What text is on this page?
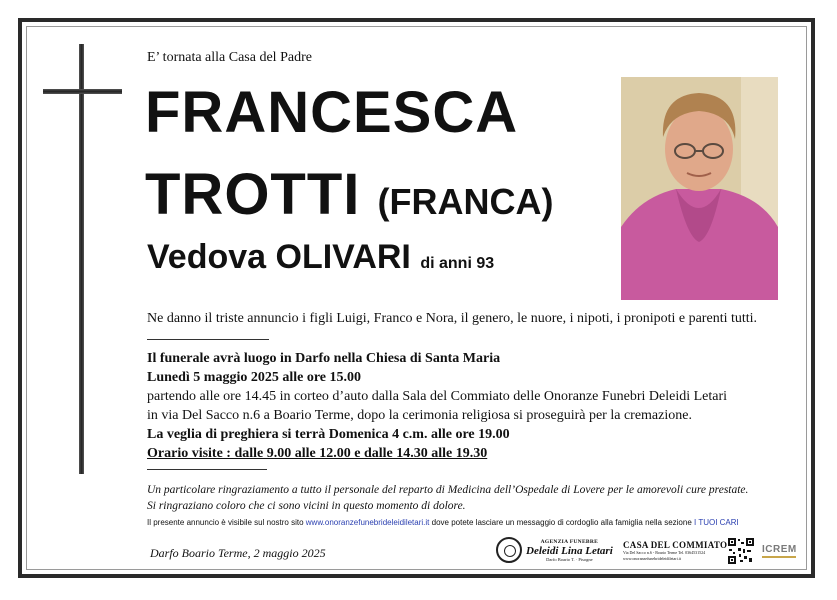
E’ tornata alla Casa del Padre
FRANCESCA
TROTTI (FRANCA)
Vedova OLIVARI di anni 93
Ne danno il triste annuncio i figli Luigi, Franco e Nora, il genero, le nuore, i nipoti, i pronipoti e parenti tutti.
Il funerale avrà luogo in Darfo nella Chiesa di Santa Maria
Lunedì 5 maggio 2025 alle ore 15.00
partendo alle ore 14.45 in corteo d’auto dalla Sala del Commiato delle Onoranze Funebri Deleidi Letari
in via Del Sacco n.6 a Boario Terme, dopo la cerimonia religiosa si proseguirà per la cremazione.
La veglia di preghiera si terrà Domenica 4 c.m. alle ore 19.00
Orario visite : dalle 9.00 alle 12.00 e dalle 14.30 alle 19.30
Un particolare ringraziamento a tutto il personale del reparto di Medicina dell’Ospedale di Lovere per le amorevoli cure prestate.
Si ringraziano coloro che ci sono vicini in questo momento di dolore.
Il presente annuncio è visibile sul nostro sito www.onoranzefunebrideleidiletari.it dove potete lasciare un messaggio di cordoglio alla famiglia nella sezione I TUOI CARI
Darfo Boario Terme, 2 maggio 2025
AGENZIA FUNEBRE
Deleidi Lina Letari
Darfo Boario T. · Pisogne
CASA DEL COMMIATO
Via Del Sacco n.6 - Boario Terme Tel. 0364531524
www.onoranzefunebrideleidiletari.it
ICREM
